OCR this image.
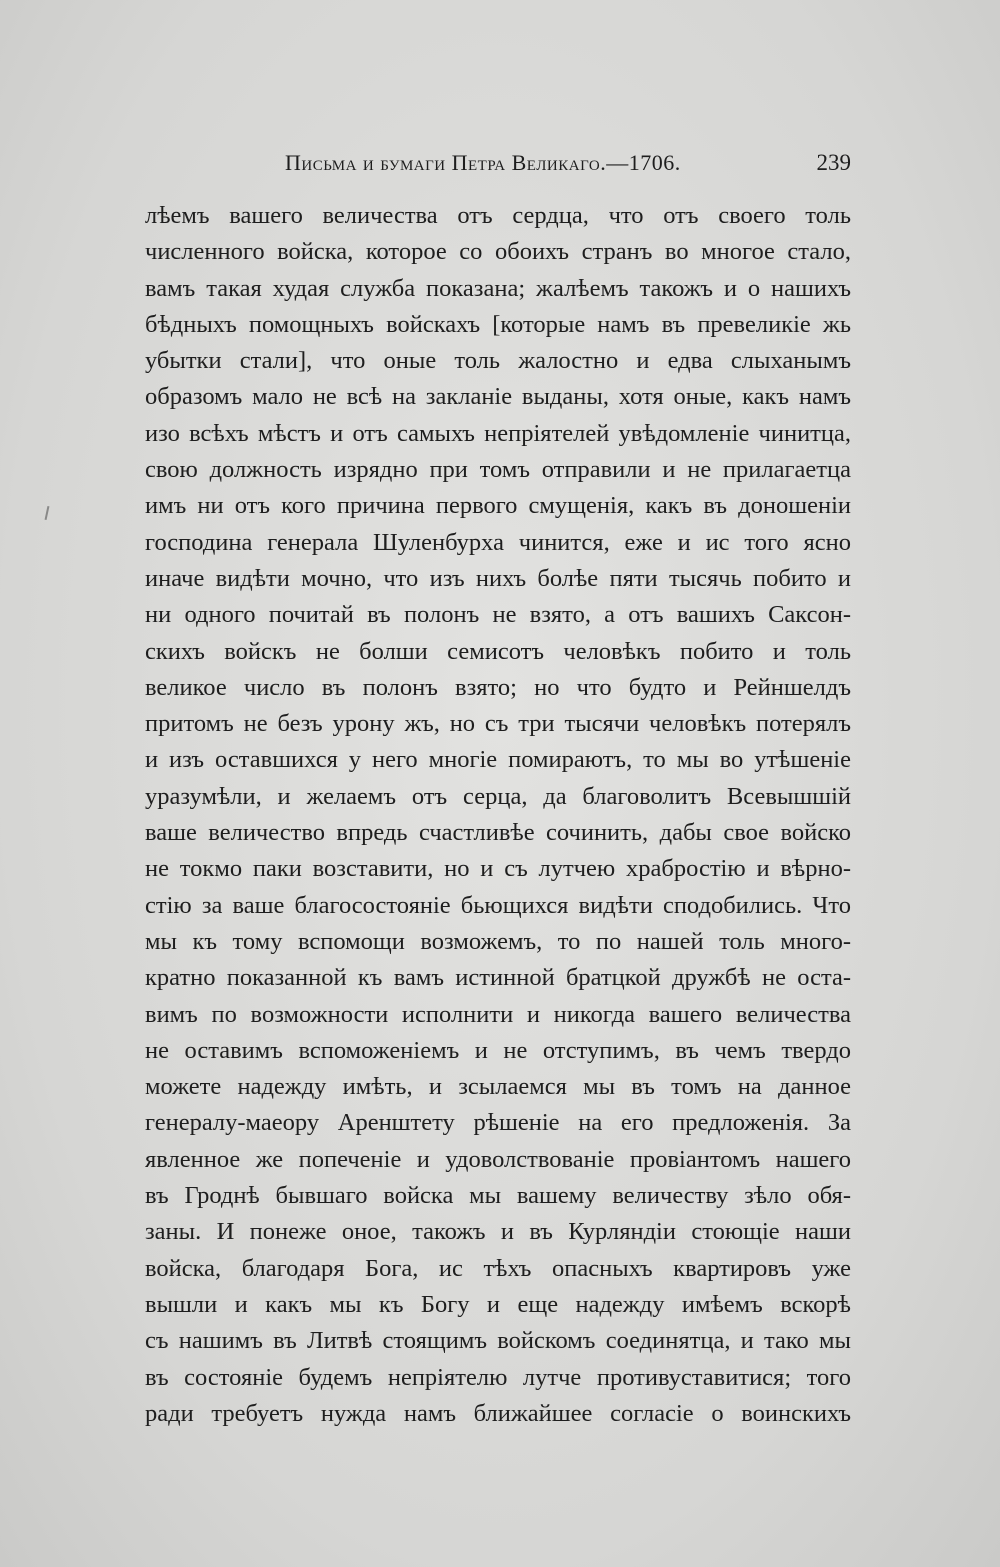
Письма и бумаги Петра Великаго.—1706.	239
лѣемъ вашего величества отъ сердца, что отъ своего толь
численного войска, которое со обоихъ странъ во многое стало,
вамъ такая худая служба показана; жалѣемъ такожъ и о нашихъ
бѣдныхъ помощныхъ войскахъ [которые намъ въ превеликіе жь
убытки стали], что оные толь жалостно и едва слыханымъ
образомъ мало не всѣ на закланіе выданы, хотя оные, какъ намъ
изо всѣхъ мѣстъ и отъ самыхъ непріятелей увѣдомленіе чинитца,
свою должность изрядно при томъ отправили и не прилагаетца
имъ ни отъ кого причина первого смущенія, какъ въ доношеніи
господина генерала Шуленбурха чинится, еже и ис того ясно
иначе видѣти мочно, что изъ нихъ болѣе пяти тысячь побито и
ни одного почитай въ полонъ не взято, а отъ вашихъ Саксон-
скихъ войскъ не болши семисотъ человѣкъ побито и толь
великое число въ полонъ взято; но что будто и Рейншелдъ
притомъ не безъ урону жъ, но съ три тысячи человѣкъ потерялъ
и изъ оставшихся у него многіе помираютъ, то мы во утѣшеніе
уразумѣли, и желаемъ отъ серца, да благоволитъ Всевышшій
ваше величество впредь счастливѣе сочинить, дабы свое войско
не токмо паки возставити, но и съ лутчею храбростію и вѣрно-
стію за ваше благосостояніе бьющихся видѣти сподобились. Что
мы къ тому вспомощи возможемъ, то по нашей толь много-
кратно показанной къ вамъ истинной братцкой дружбѣ не оста-
вимъ по возможности исполнити и никогда вашего величества
не оставимъ вспоможеніемъ и не отступимъ, въ чемъ твердо
можете надежду имѣть, и зсылаемся мы въ томъ на данное
генералу-маеору Аренштету рѣшеніе на его предложенія. За
явленное же попеченіе и удоволствованіе провіантомъ нашего
въ Гроднѣ бывшаго войска мы вашему величеству зѣло обя-
заны. И понеже оное, такожъ и въ Курляндіи стоющіе наши
войска, благодаря Бога, ис тѣхъ опасныхъ квартировъ уже
вышли и какъ мы къ Богу и еще надежду имѣемъ вскорѣ
съ нашимъ въ Литвѣ стоящимъ войскомъ соединятца, и тако мы
въ состояніе будемъ непріятелю лутче противуставитися; того
ради требуетъ нужда намъ ближайшее согласіе о воинскихъ
